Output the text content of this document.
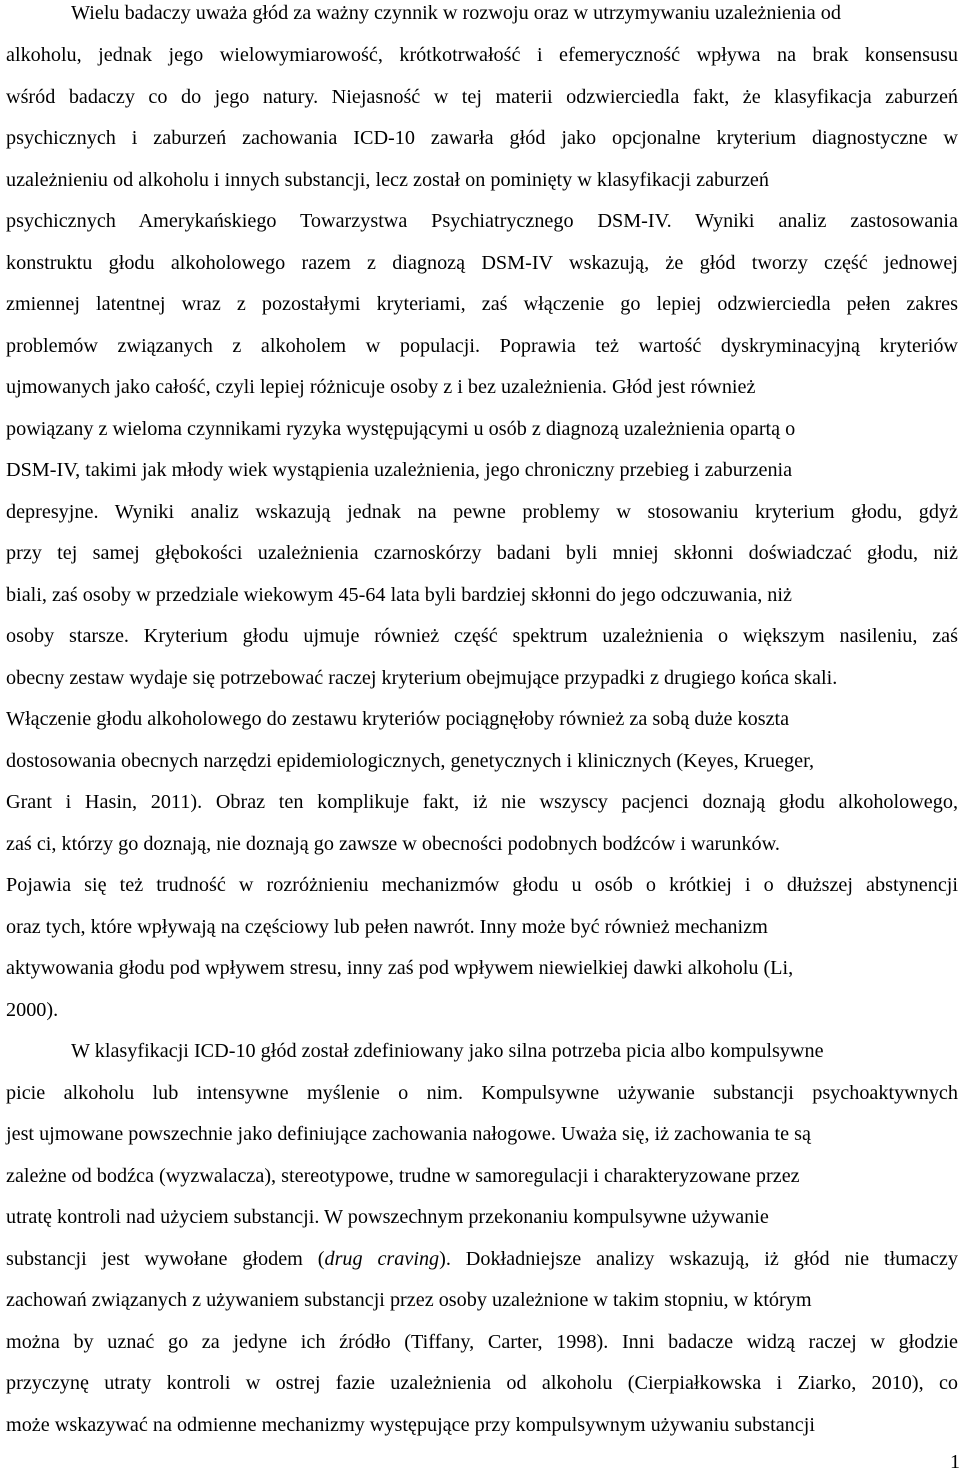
Wielu badaczy uważa głód za ważny czynnik w rozwoju oraz w utrzymywaniu uzależnienia od
alkoholu, jednak jego wielowymiarowość, krótkotrwałość i efemeryczność wpływa na brak konsensusu
wśród badaczy co do jego natury. Niejasność w tej materii odzwierciedla fakt, że klasyfikacja zaburzeń
psychicznych i zaburzeń zachowania ICD-10 zawarła głód jako opcjonalne kryterium diagnostyczne w
uzależnieniu od alkoholu i innych substancji, lecz został on pominięty w klasyfikacji zaburzeń
psychicznych Amerykańskiego Towarzystwa Psychiatrycznego DSM-IV. Wyniki analiz zastosowania
konstruktu głodu alkoholowego razem z diagnozą DSM-IV wskazują, że głód tworzy część jednowej
zmiennej latentnej wraz z pozostałymi kryteriami, zaś włączenie go lepiej odzwierciedla pełen zakres
problemów związanych z alkoholem w populacji. Poprawia też wartość dyskryminacyjną kryteriów
ujmowanych jako całość, czyli lepiej różnicuje osoby z i bez uzależnienia. Głód jest również
powiązany z wieloma czynnikami ryzyka występującymi u osób z diagnozą uzależnienia opartą o
DSM-IV, takimi jak młody wiek wystąpienia uzależnienia, jego chroniczny przebieg i zaburzenia
depresyjne. Wyniki analiz wskazują jednak na pewne problemy w stosowaniu kryterium głodu, gdyż
przy tej samej głębokości uzależnienia czarnoskórzy badani byli mniej skłonni doświadczać głodu, niż
biali, zaś osoby w przedziale wiekowym 45-64 lata byli bardziej skłonni do jego odczuwania, niż
osoby starsze. Kryterium głodu ujmuje również część spektrum uzależnienia o większym nasileniu, zaś
obecny zestaw wydaje się potrzebować raczej kryterium obejmujące przypadki z drugiego końca skali.
Włączenie głodu alkoholowego do zestawu kryteriów pociągnęłoby również za sobą duże koszta
dostosowania obecnych narzędzi epidemiologicznych, genetycznych i klinicznych (Keyes, Krueger,
Grant i Hasin, 2011). Obraz ten komplikuje fakt, iż nie wszyscy pacjenci doznają głodu alkoholowego,
zaś ci, którzy go doznają, nie doznają go zawsze w obecności podobnych bodźców i warunków.
Pojawia się też trudność w rozróżnieniu mechanizmów głodu u osób o krótkiej i o dłuższej abstynencji
oraz tych, które wpływają na częściowy lub pełen nawrót. Inny może być również mechanizm
aktywowania głodu pod wpływem stresu, inny zaś pod wpływem niewielkiej dawki alkoholu (Li,
2000).
W klasyfikacji ICD-10 głód został zdefiniowany jako silna potrzeba picia albo kompulsywne
picie alkoholu lub intensywne myślenie o nim. Kompulsywne używanie substancji psychoaktywnych
jest ujmowane powszechnie jako definiujące zachowania nałogowe. Uważa się, iż zachowania te są
zależne od bodźca (wyzwalacza), stereotypowe, trudne w samoregulacji i charakteryzowane przez
utratę kontroli nad użyciem substancji. W powszechnym przekonaniu kompulsywne używanie
substancji jest wywołane głodem (drug craving). Dokładniejsze analizy wskazują, iż głód nie tłumaczy
zachowań związanych z używaniem substancji przez osoby uzależnione w takim stopniu, w którym
można by uznać go za jedyne ich źródło (Tiffany, Carter, 1998). Inni badacze widzą raczej w głodzie
przyczynę utraty kontroli w ostrej fazie uzależnienia od alkoholu (Cierpiałkowska i Ziarko, 2010), co
może wskazywać na odmienne mechanizmy występujące przy kompulsywnym używaniu substancji
1
